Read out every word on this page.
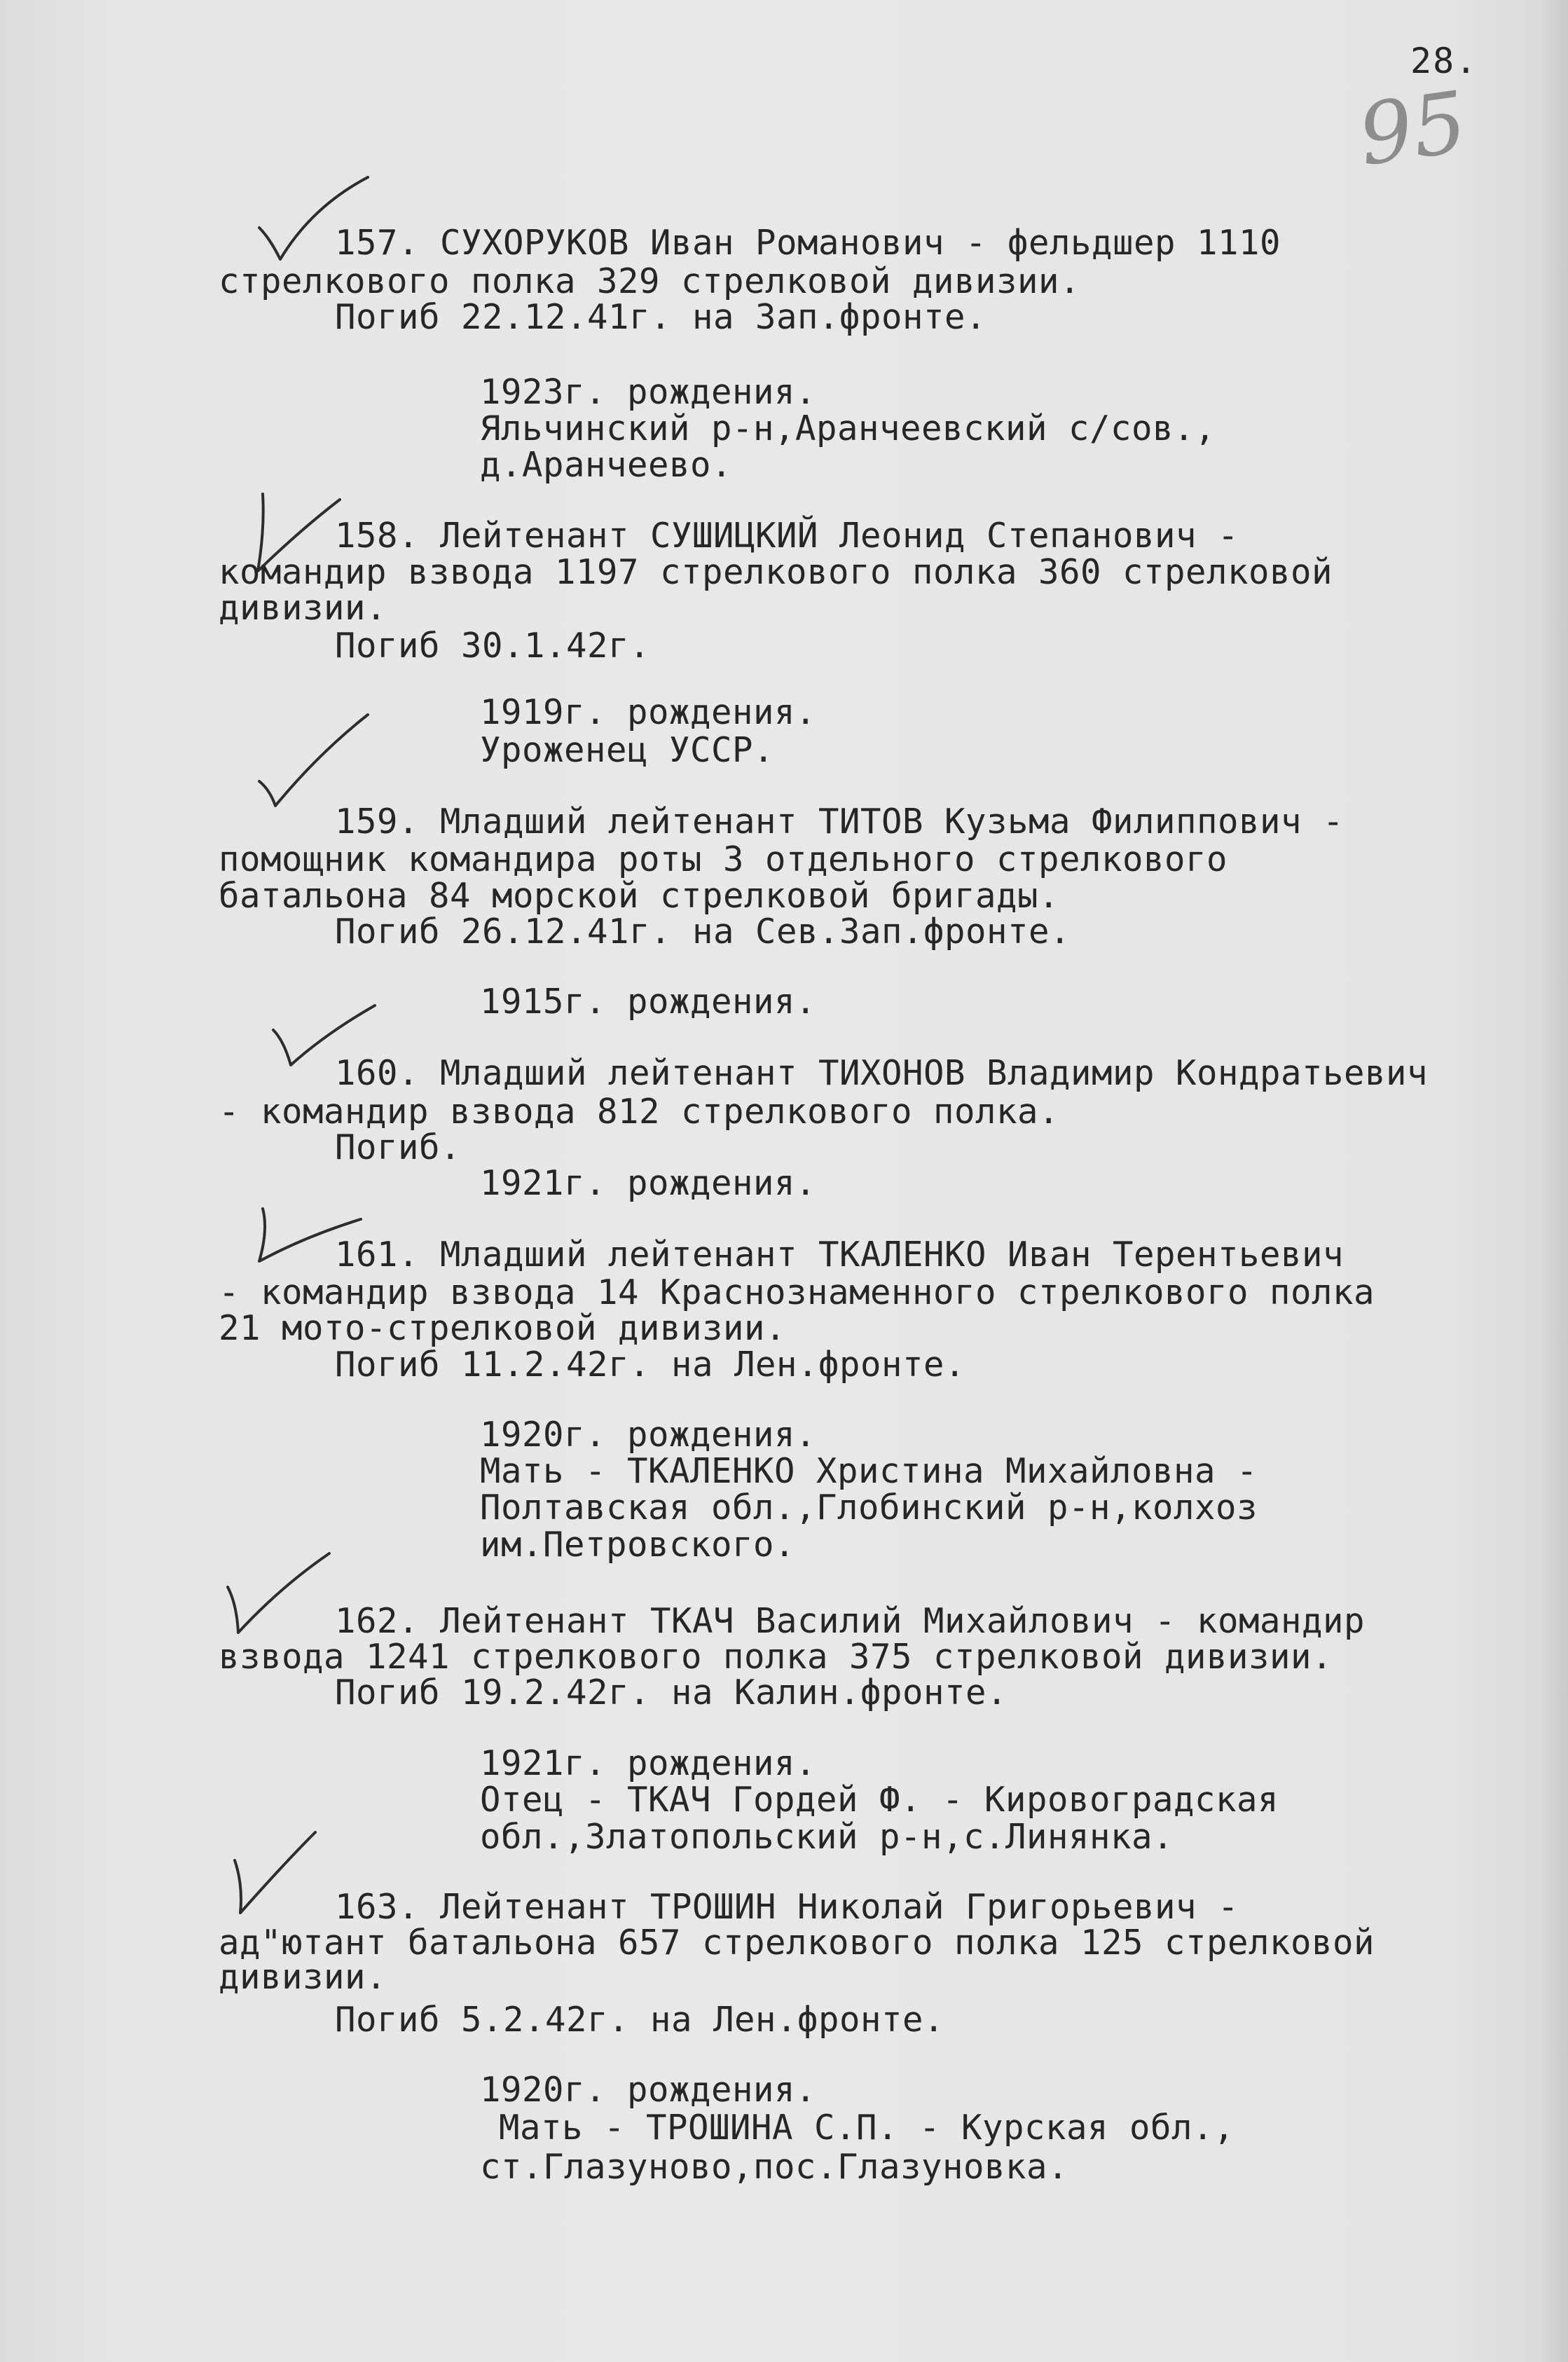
28.
95
157. СУХОРУКОВ Иван Романович - фельдшер 1110
стрелкового полка 329 стрелковой дивизии.
Погиб 22.12.41г. на Зап.фронте.
1923г. рождения.
Яльчинский р-н,Аранчеевский с/сов.,
д.Аранчеево.
158. Лейтенант СУШИЦКИЙ Леонид Степанович -
командир взвода 1197 стрелкового полка 360 стрелковой
дивизии.
Погиб 30.1.42г.
1919г. рождения.
Уроженец УССР.
159. Младший лейтенант ТИТОВ Кузьма Филиппович -
помощник командира роты 3 отдельного стрелкового
батальона 84 морской стрелковой бригады.
Погиб 26.12.41г. на Сев.Зап.фронте.
1915г. рождения.
160. Младший лейтенант ТИХОНОВ Владимир Кондратьевич
- командир взвода 812 стрелкового полка.
Погиб.
1921г. рождения.
161. Младший лейтенант ТКАЛЕНКО Иван Терентьевич
- командир взвода 14 Краснознаменного стрелкового полка
21 мото-стрелковой дивизии.
Погиб 11.2.42г. на Лен.фронте.
1920г. рождения.
Мать - ТКАЛЕНКО Христина Михайловна -
Полтавская обл.,Глобинский р-н,колхоз
им.Петровского.
162. Лейтенант ТКАЧ Василий Михайлович - командир
взвода 1241 стрелкового полка 375 стрелковой дивизии.
Погиб 19.2.42г. на Калин.фронте.
1921г. рождения.
Отец - ТКАЧ Гордей Ф. - Кировоградская
обл.,Златопольский р-н,с.Линянка.
163. Лейтенант ТРОШИН Николай Григорьевич -
ад"ютант батальона 657 стрелкового полка 125 стрелковой
дивизии.
Погиб 5.2.42г. на Лен.фронте.
1920г. рождения.
Мать - ТРОШИНА С.П. - Курская обл.,
ст.Глазуново,пос.Глазуновка.
